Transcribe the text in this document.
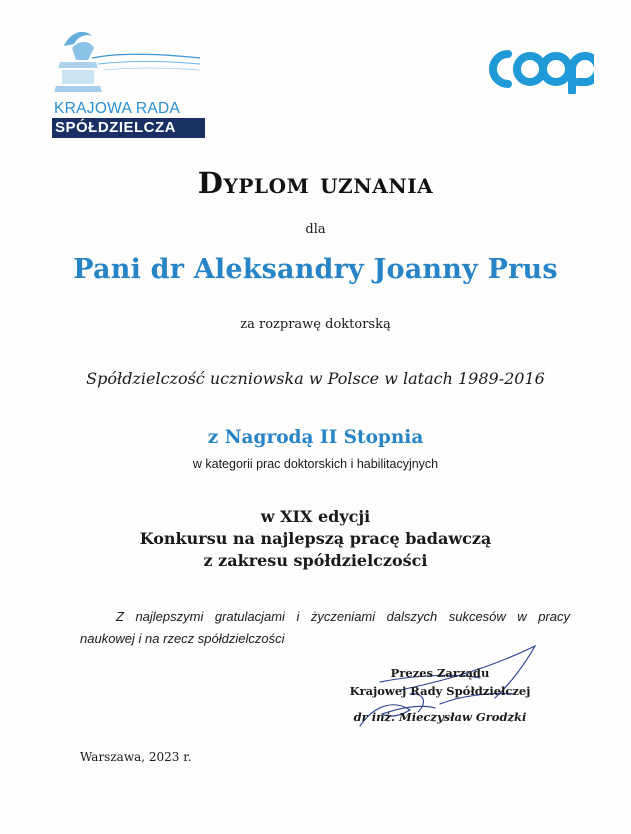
KRAJOWA RADA
SPÓŁDZIELCZA
Dyplom uznania
dla
Pani dr Aleksandry Joanny Prus
za rozprawę doktorską
Spółdzielczość uczniowska w Polsce w latach 1989-2016
z Nagrodą II Stopnia
w kategorii prac doktorskich i habilitacyjnych
w XIX edycji
Konkursu na najlepszą pracę badawczą
z zakresu spółdzielczości
Z najlepszymi gratulacjami i życzeniami dalszych sukcesów w pracy
naukowej i na rzecz spółdzielczości
Prezes Zarządu
Krajowej Rady Spółdzielczej
dr inż. Mieczysław Grodzki
Warszawa, 2023 r.
